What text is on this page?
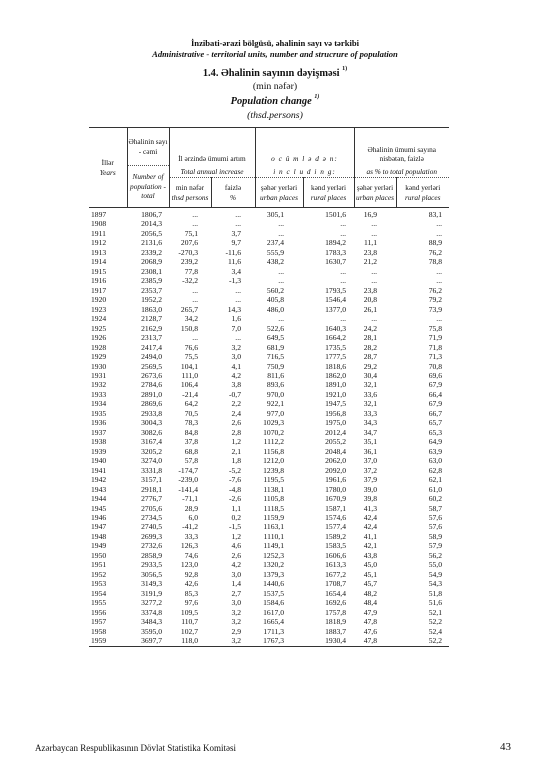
İnzibati-ərazi bölgüsü, əhalinin sayı və tərkibi
Administrative - territorial units, number and strucrure of population
1.4. Əhalinin sayının dəyişməsi $^{1)}$
(min nəfər)
Population change $^{1)}$
(thsd.persons)
İllər
Years	Əhalinin sayı - cəmi	İl ərzində ümumi artım		o c ü m l ə d ə n:		Əhalinin ümumi sayına nisbətən, faizlə	
	Number of population - total	Total annual increase		i n c l u d i n g:		as % to total population	
		min nəfər
thsd persons	faizlə
%	şəhər yerləri
urban places	kənd yerləri
rural places	şəhər yerləri
urban places	kənd yerləri
rural places
1897	1806,7	...	...	305,1	1501,6	16,9	83,1
1908	2014,3	...	...	...	...	...	...
1911	2056,5	75,1	3,7	...	...	...	...
1912	2131,6	207,6	9,7	237,4	1894,2	11,1	88,9
1913	2339,2	-270,3	-11,6	555,9	1783,3	23,8	76,2
1914	2068,9	239,2	11,6	438,2	1630,7	21,2	78,8
1915	2308,1	77,8	3,4	...	...	...	...
1916	2385,9	-32,2	-1,3	...	...	...	...
1917	2353,7	...	...	560,2	1793,5	23,8	76,2
1920	1952,2	...	...	405,8	1546,4	20,8	79,2
1923	1863,0	265,7	14,3	486,0	1377,0	26,1	73,9
1924	2128,7	34,2	1,6	...	...	...	...
1925	2162,9	150,8	7,0	522,6	1640,3	24,2	75,8
1926	2313,7	...	...	649,5	1664,2	28,1	71,9
1928	2417,4	76,6	3,2	681,9	1735,5	28,2	71,8
1929	2494,0	75,5	3,0	716,5	1777,5	28,7	71,3
1930	2569,5	104,1	4,1	750,9	1818,6	29,2	70,8
1931	2673,6	111,0	4,2	811,6	1862,0	30,4	69,6
1932	2784,6	106,4	3,8	893,6	1891,0	32,1	67,9
1933	2891,0	-21,4	-0,7	970,0	1921,0	33,6	66,4
1934	2869,6	64,2	2,2	922,1	1947,5	32,1	67,9
1935	2933,8	70,5	2,4	977,0	1956,8	33,3	66,7
1936	3004,3	78,3	2,6	1029,3	1975,0	34,3	65,7
1937	3082,6	84,8	2,8	1070,2	2012,4	34,7	65,3
1938	3167,4	37,8	1,2	1112,2	2055,2	35,1	64,9
1939	3205,2	68,8	2,1	1156,8	2048,4	36,1	63,9
1940	3274,0	57,8	1,8	1212,0	2062,0	37,0	63,0
1941	3331,8	-174,7	-5,2	1239,8	2092,0	37,2	62,8
1942	3157,1	-239,0	-7,6	1195,5	1961,6	37,9	62,1
1943	2918,1	-141,4	-4,8	1138,1	1780,0	39,0	61,0
1944	2776,7	-71,1	-2,6	1105,8	1670,9	39,8	60,2
1945	2705,6	28,9	1,1	1118,5	1587,1	41,3	58,7
1946	2734,5	6,0	0,2	1159,9	1574,6	42,4	57,6
1947	2740,5	-41,2	-1,5	1163,1	1577,4	42,4	57,6
1948	2699,3	33,3	1,2	1110,1	1589,2	41,1	58,9
1949	2732,6	126,3	4,6	1149,1	1583,5	42,1	57,9
1950	2858,9	74,6	2,6	1252,3	1606,6	43,8	56,2
1951	2933,5	123,0	4,2	1320,2	1613,3	45,0	55,0
1952	3056,5	92,8	3,0	1379,3	1677,2	45,1	54,9
1953	3149,3	42,6	1,4	1440,6	1708,7	45,7	54,3
1954	3191,9	85,3	2,7	1537,5	1654,4	48,2	51,8
1955	3277,2	97,6	3,0	1584,6	1692,6	48,4	51,6
1956	3374,8	109,5	3,2	1617,0	1757,8	47,9	52,1
1957	3484,3	110,7	3,2	1665,4	1818,9	47,8	52,2
1958	3595,0	102,7	2,9	1711,3	1883,7	47,6	52,4
1959	3697,7	118,0	3,2	1767,3	1930,4	47,8	52,2
Azərbaycan Respublikasının Dövlət Statistika Komitəsi	43
